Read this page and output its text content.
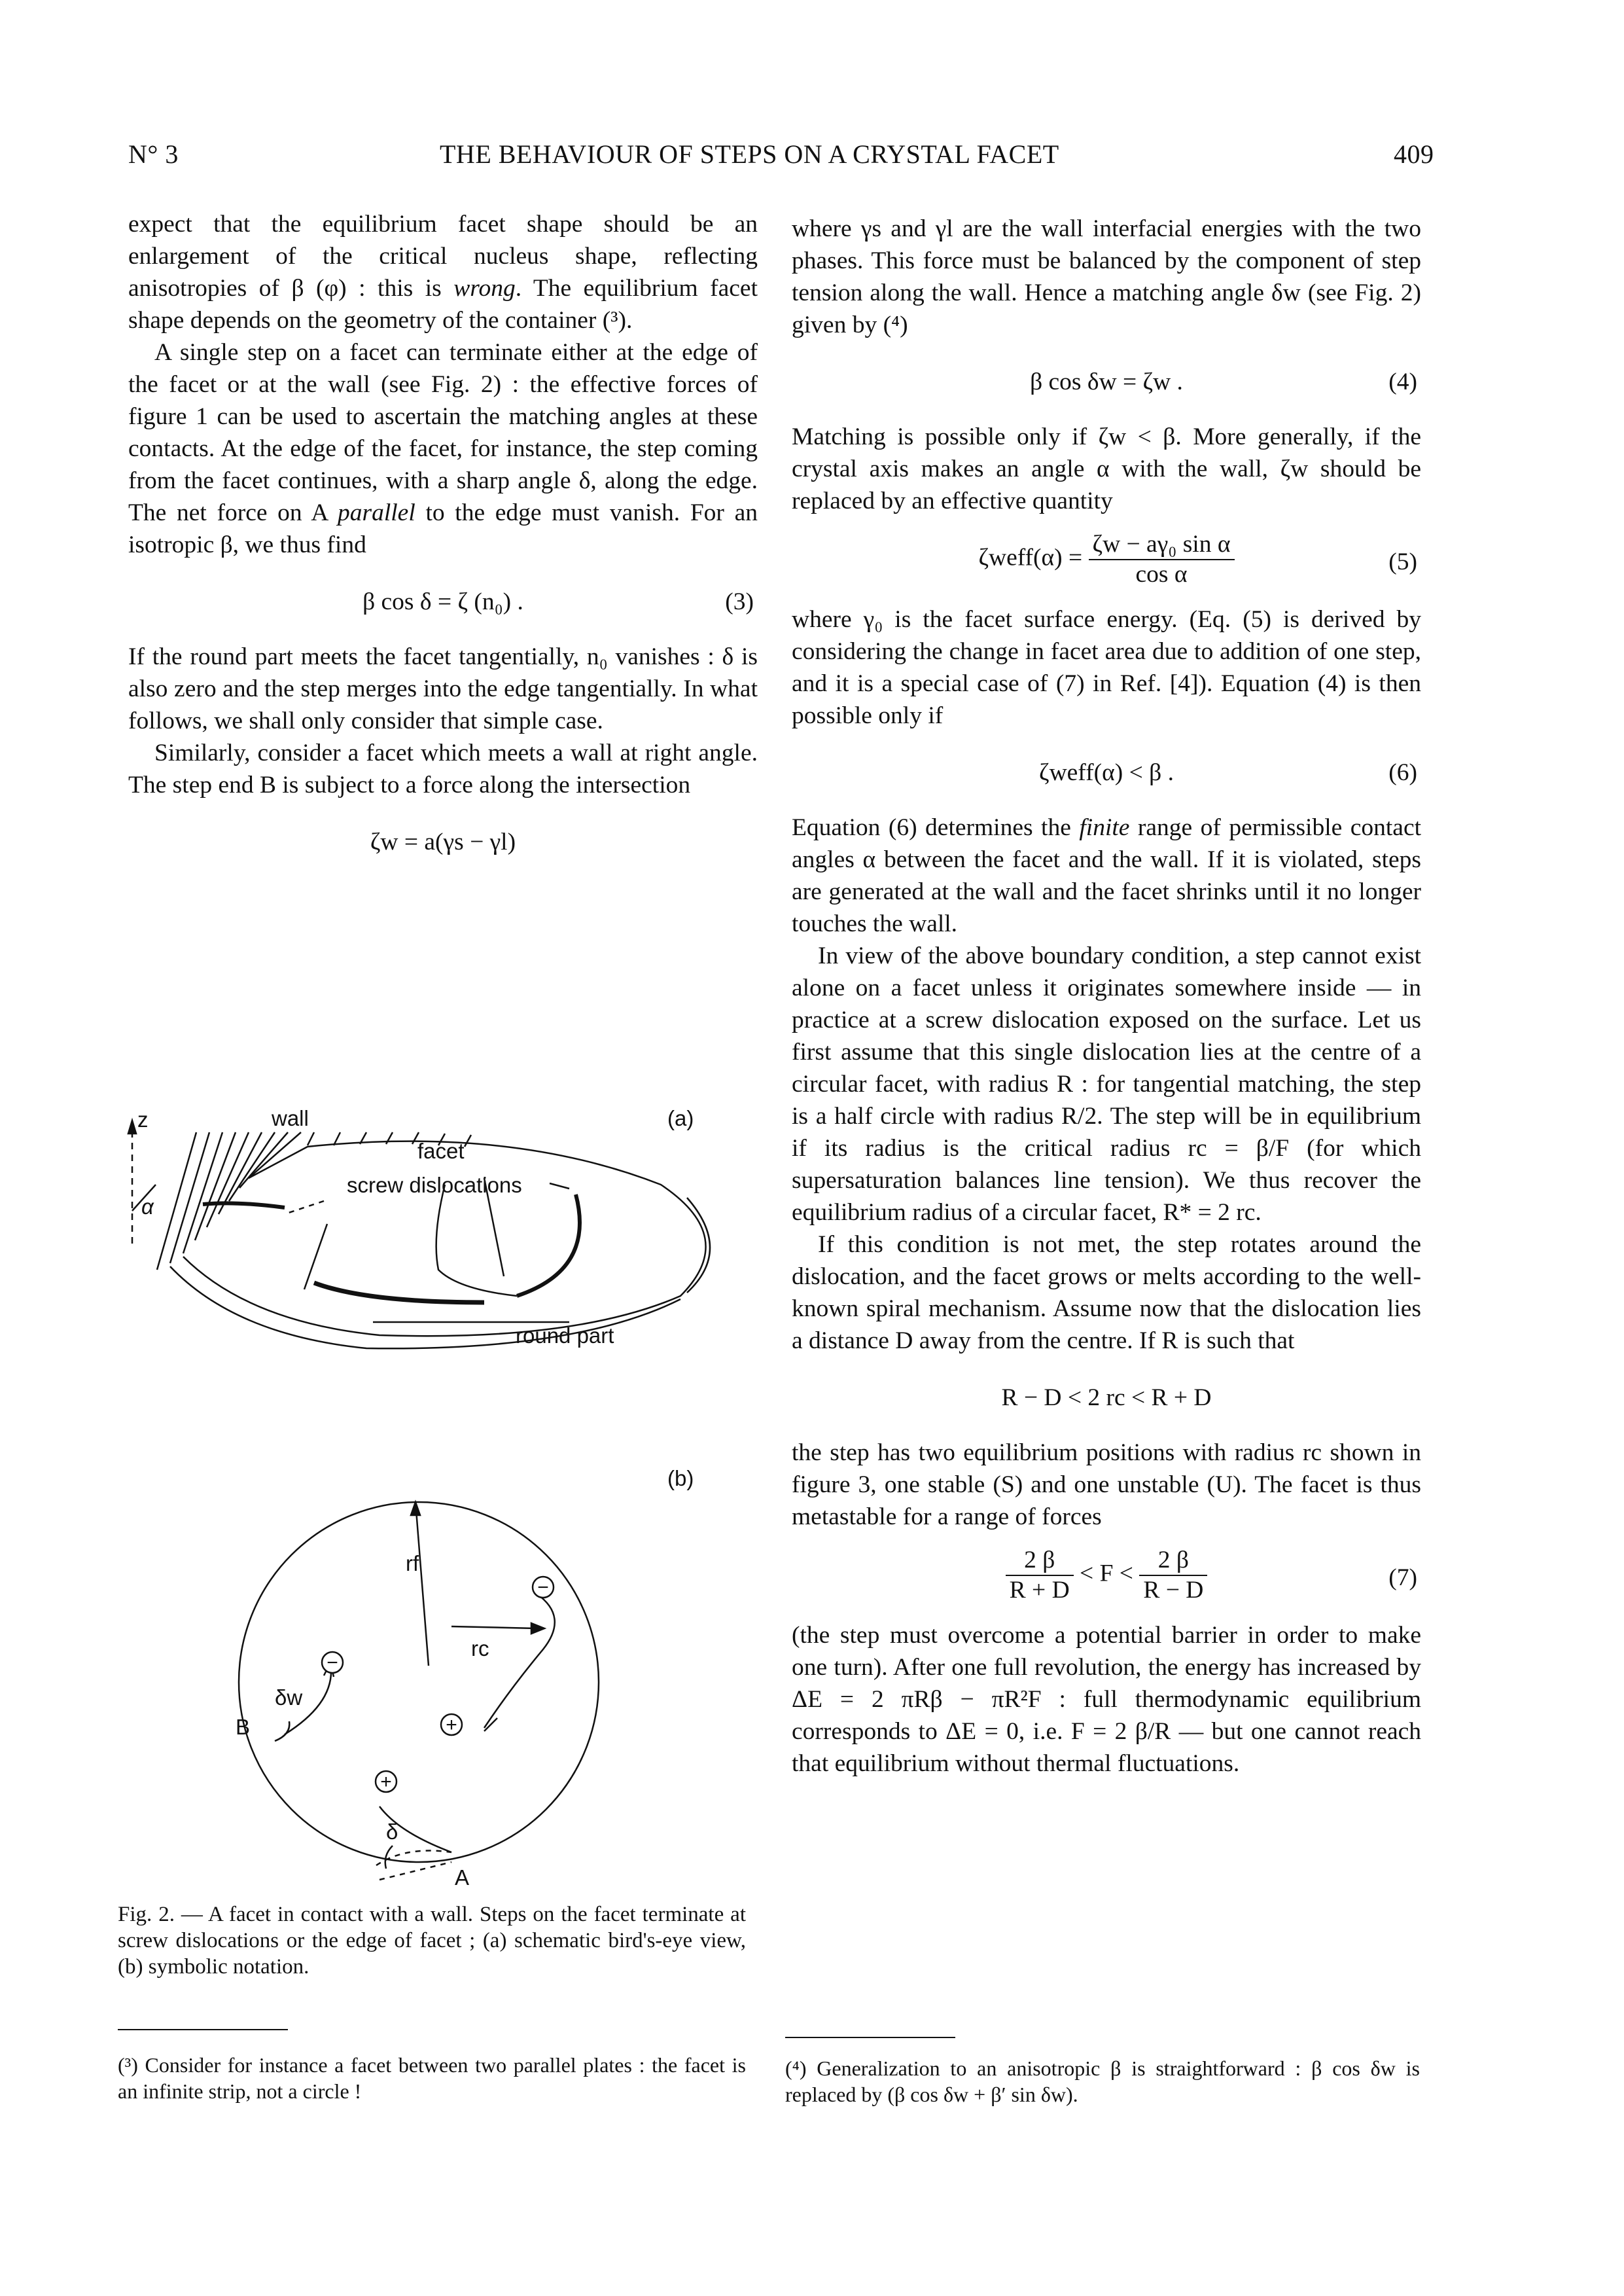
N° 3	THE BEHAVIOUR OF STEPS ON A CRYSTAL FACET	409

expect that the equilibrium facet shape should be an enlargement of the critical nucleus shape, reflecting anisotropies of β (φ) : this is wrong. The equilibrium facet shape depends on the geometry of the container (³).

A single step on a facet can terminate either at the edge of the facet or at the wall (see Fig. 2) : the effective forces of figure 1 can be used to ascertain the matching angles at these contacts. At the edge of the facet, for instance, the step coming from the facet continues, with a sharp angle δ, along the edge. The net force on A parallel to the edge must vanish. For an isotropic β, we thus find

β cos δ = ζ (n₀) .	(3)

If the round part meets the facet tangentially, n₀ vanishes : δ is also zero and the step merges into the edge tangentially. In what follows, we shall only consider that simple case.

Similarly, consider a facet which meets a wall at right angle. The step end B is subject to a force along the intersection

ζw = a(γs − γl)
−
−
+
+
z
α
wall
facet
screw dislocations
round part
(a)
(b)
rf
rc
δw
δ
B
A
Fig. 2. — A facet in contact with a wall. Steps on the facet terminate at screw dislocations or the edge of facet ; (a) schematic bird's-eye view, (b) symbolic notation.
(³) Consider for instance a facet between two parallel plates : the facet is an infinite strip, not a circle !

where γs and γl are the wall interfacial energies with the two phases. This force must be balanced by the component of step tension along the wall. Hence a matching angle δw (see Fig. 2) given by (⁴)

β cos δw = ζw .	(4)

Matching is possible only if ζw < β. More generally, if the crystal axis makes an angle α with the wall, ζw should be replaced by an effective quantity

ζweff(α) = $\frac{\text{ζw − aγ₀ sin α}}{\text{cos α}}$	(5)

where γ₀ is the facet surface energy. (Eq. (5) is derived by considering the change in facet area due to addition of one step, and it is a special case of (7) in Ref. [4]). Equation (4) is then possible only if

ζweff(α) < β .	(6)

Equation (6) determines the finite range of permissible contact angles α between the facet and the wall. If it is violated, steps are generated at the wall and the facet shrinks until it no longer touches the wall.

In view of the above boundary condition, a step cannot exist alone on a facet unless it originates somewhere inside — in practice at a screw dislocation exposed on the surface. Let us first assume that this single dislocation lies at the centre of a circular facet, with radius R : for tangential matching, the step is a half circle with radius R/2. The step will be in equilibrium if its radius is the critical radius rc = β/F (for which supersaturation balances line tension). We thus recover the equilibrium radius of a circular facet, R* = 2 rc.

If this condition is not met, the step rotates around the dislocation, and the facet grows or melts according to the well-known spiral mechanism. Assume now that the dislocation lies a distance D away from the centre. If R is such that

R − D < 2 rc < R + D

the step has two equilibrium positions with radius rc shown in figure 3, one stable (S) and one unstable (U). The facet is thus metastable for a range of forces

$\frac{2 \beta}{R + D} < F < \frac{2 \beta}{R - D}$	(7)

(the step must overcome a potential barrier in order to make one turn). After one full revolution, the energy has increased by ΔE = 2 πRβ − πR²F : full thermodynamic equilibrium corresponds to ΔE = 0, i.e. F = 2 β/R — but one cannot reach that equilibrium without thermal fluctuations.

(⁴) Generalization to an anisotropic β is straightforward : β cos δw is replaced by (β cos δw + β′ sin δw).
